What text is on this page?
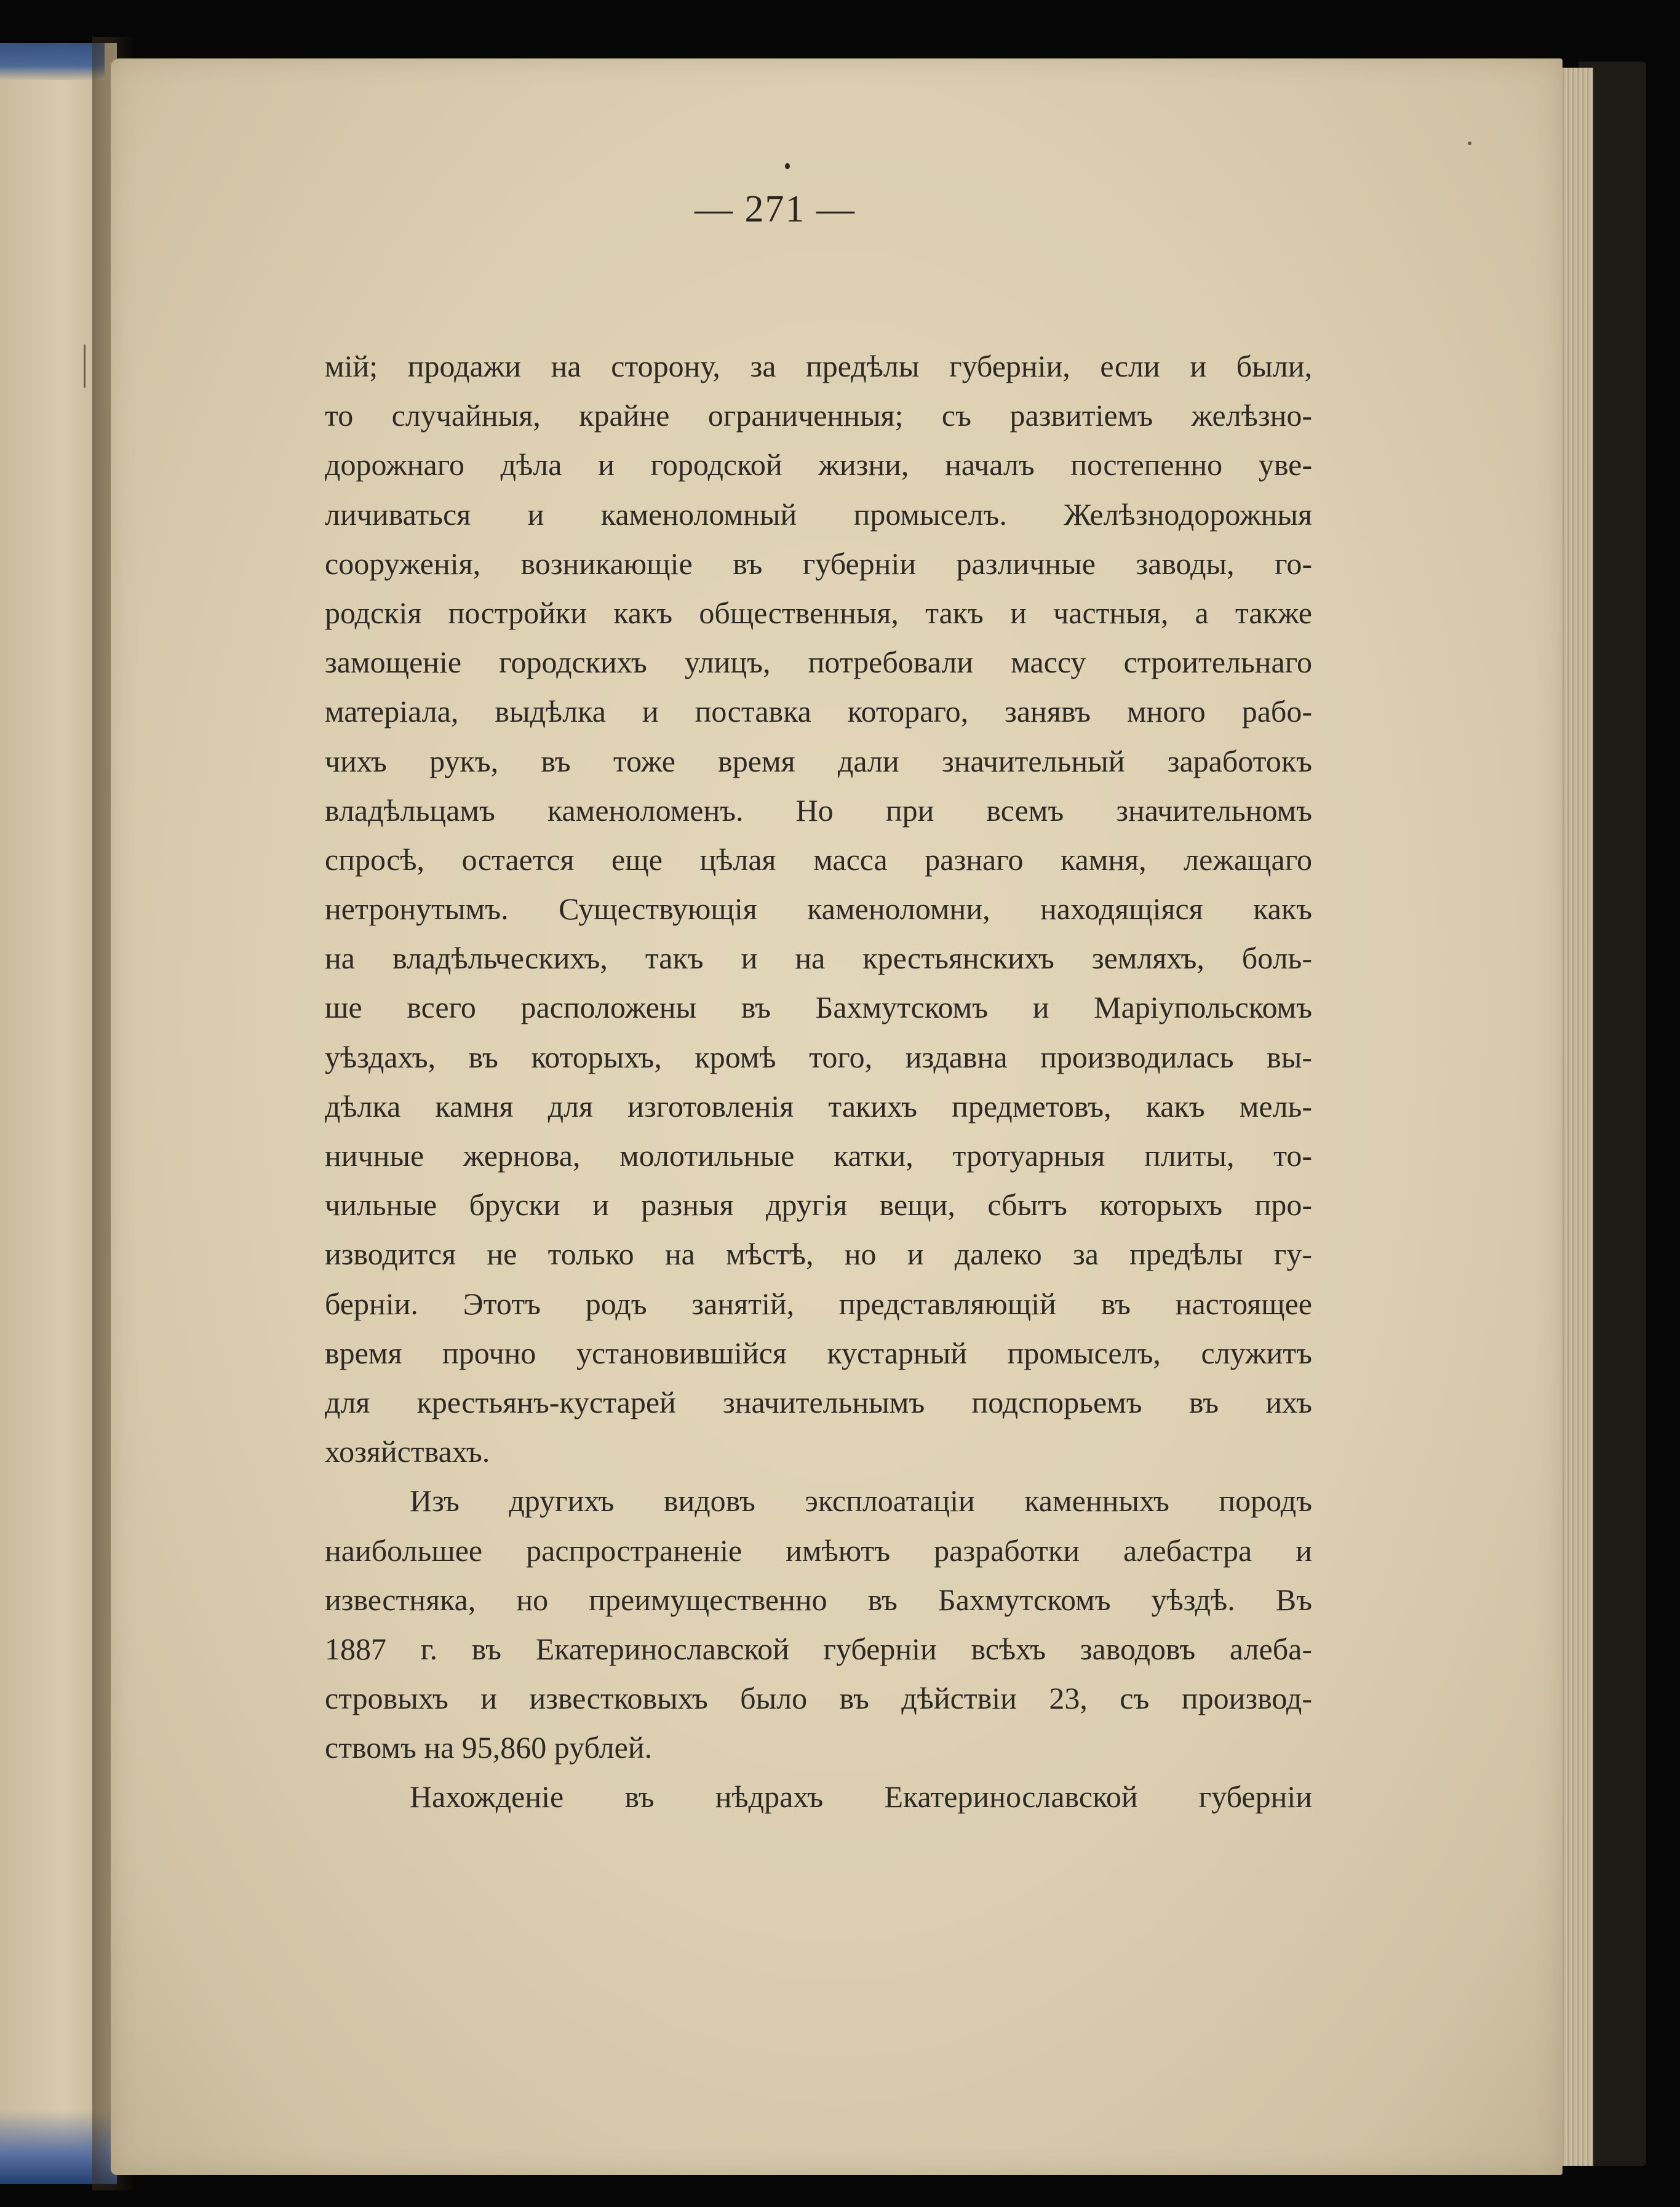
— 271 —
мій; продажи на сторону, за предѣлы губерніи, если и были,
то случайныя, крайне ограниченныя; съ развитіемъ желѣзно-
дорожнаго дѣла и городской жизни, началъ постепенно уве-
личиваться и каменоломный промыселъ. Желѣзнодорожныя
сооруженія, возникающіе въ губерніи различные заводы, го-
родскія постройки какъ общественныя, такъ и частныя, а также
замощеніе городскихъ улицъ, потребовали массу строительнаго
матеріала, выдѣлка и поставка котораго, занявъ много рабо-
чихъ рукъ, въ тоже время дали значительный заработокъ
владѣльцамъ каменоломенъ. Но при всемъ значительномъ
спросѣ, остается еще цѣлая масса разнаго камня, лежащаго
нетронутымъ. Существующія каменоломни, находящіяся какъ
на владѣльческихъ, такъ и на крестьянскихъ земляхъ, боль-
ше всего расположены въ Бахмутскомъ и Маріупольскомъ
уѣздахъ, въ которыхъ, кромѣ того, издавна производилась вы-
дѣлка камня для изготовленія такихъ предметовъ, какъ мель-
ничные жернова, молотильные катки, тротуарныя плиты, то-
чильные бруски и разныя другія вещи, сбытъ которыхъ про-
изводится не только на мѣстѣ, но и далеко за предѣлы гу-
берніи. Этотъ родъ занятій, представляющій въ настоящее
время прочно установившійся кустарный промыселъ, служитъ
для крестьянъ-кустарей значительнымъ подспорьемъ въ ихъ
хозяйствахъ.
Изъ другихъ видовъ эксплоатаціи каменныхъ породъ
наибольшее распространеніе имѣютъ разработки алебастра и
известняка, но преимущественно въ Бахмутскомъ уѣздѣ. Въ
1887 г. въ Екатеринославской губерніи всѣхъ заводовъ алеба-
стровыхъ и известковыхъ было въ дѣйствіи 23, съ производ-
ствомъ на 95,860 рублей.
Нахожденіе въ нѣдрахъ Екатеринославской губерніи
